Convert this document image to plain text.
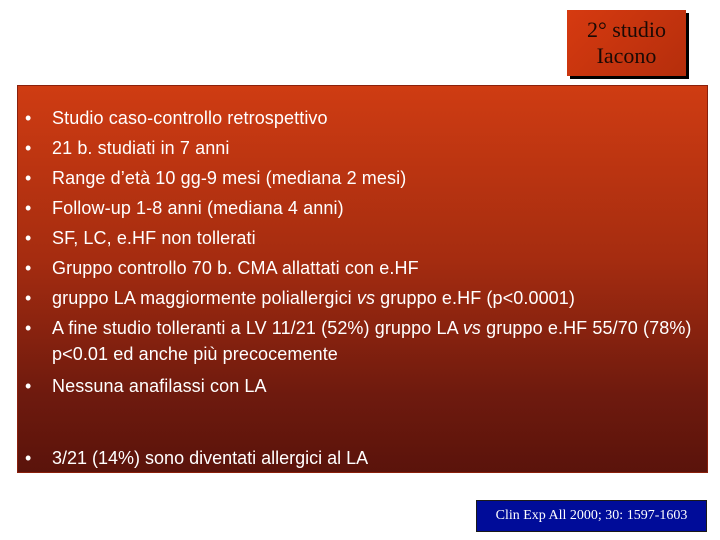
2° studio
Iacono
•	Studio caso-controllo retrospettivo
•	21 b. studiati in 7 anni
•	Range d’età 10 gg-9 mesi (mediana 2 mesi)
•	Follow-up 1-8 anni (mediana 4 anni)
•	SF, LC, e.HF non tollerati
•	Gruppo controllo 70 b. CMA allattati con e.HF
•	gruppo LA maggiormente poliallergici vs gruppo e.HF (p<0.0001)
•	A fine studio tolleranti a LV 11/21 (52%) gruppo LA vs gruppo e.HF 55/70 (78%) p<0.01 ed anche più precocemente
•	Nessuna anafilassi con LA
• 3/21 (14%) sono diventati allergici al LA
Clin Exp All 2000; 30: 1597-1603
